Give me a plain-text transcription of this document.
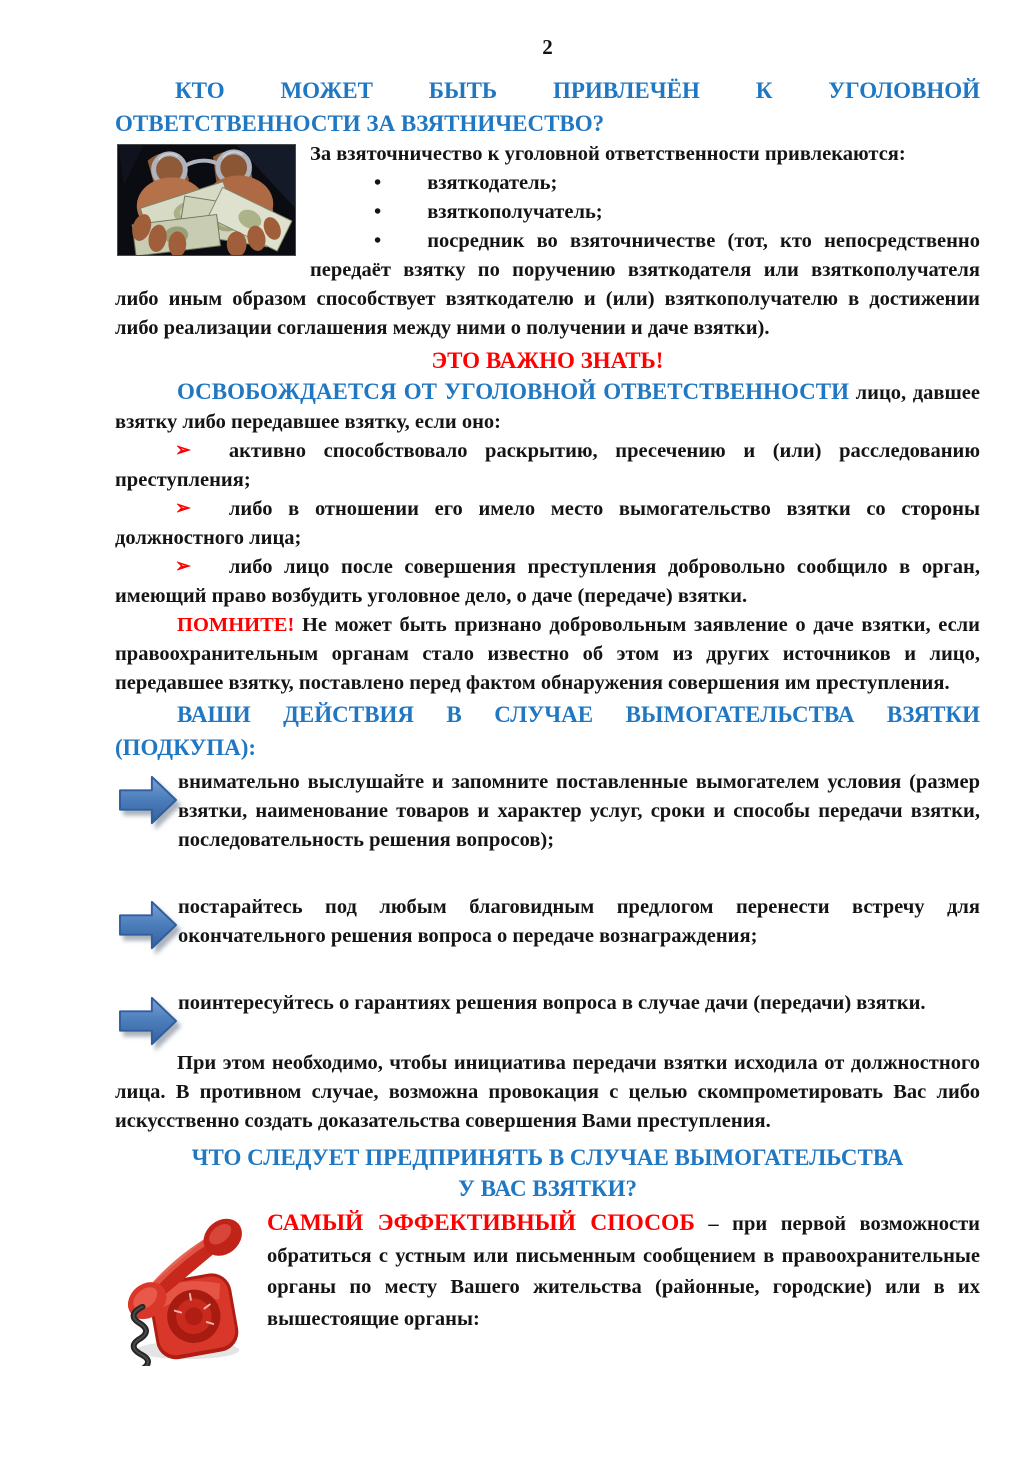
2
КТО МОЖЕТ БЫТЬ ПРИВЛЕЧЁН К УГОЛОВНОЙ
ОТВЕТСТВЕННОСТИ ЗА ВЗЯТНИЧЕСТВО?

За взяточничество к уголовной ответственности привлекаются:

• взяткодатель;

• взяткополучатель;

• посредник во взяточничестве (тот, кто непосредственно передаёт взятку по поручению взяткодателя или взяткополучателя либо иным образом способствует взяткодателю и (или) взяткополучателю в достижении либо реализации соглашения между ними о получении и даче взятки).

ЭТО ВАЖНО ЗНАТЬ!

ОСВОБОЖДАЕТСЯ ОТ УГОЛОВНОЙ ОТВЕТСТВЕННОСТИ лицо, давшее взятку либо передавшее взятку, если оно:

➢ активно способствовало раскрытию, пресечению и (или) расследованию преступления;

➢ либо в отношении его имело место вымогательство взятки со стороны должностного лица;

➢ либо лицо после совершения преступления добровольно сообщило в орган, имеющий право возбудить уголовное дело, о даче (передаче) взятки.

ПОМНИТЕ! Не может быть признано добровольным заявление о даче взятки, если правоохранительным органам стало известно об этом из других источников и лицо, передавшее взятку, поставлено перед фактом обнаружения совершения им преступления.

ВАШИ ДЕЙСТВИЯ В СЛУЧАЕ ВЫМОГАТЕЛЬСТВА ВЗЯТКИ
(ПОДКУПА):
внимательно выслушайте и запомните поставленные вымогателем условия (размер взятки, наименование товаров и характер услуг, сроки и способы передачи взятки, последовательность решения вопросов);
постарайтесь под любым благовидным предлогом перенести встречу для окончательного решения вопроса о передаче вознаграждения;
поинтересуйтесь о гарантиях решения вопроса в случае дачи (передачи) взятки.

При этом необходимо, чтобы инициатива передачи взятки исходила от должностного лица. В противном случае, возможна провокация с целью скомпрометировать Вас либо искусственно создать доказательства совершения Вами преступления.

ЧТО СЛЕДУЕТ ПРЕДПРИНЯТЬ В СЛУЧАЕ ВЫМОГАТЕЛЬСТВА
У ВАС ВЗЯТКИ?

САМЫЙ ЭФФЕКТИВНЫЙ СПОСОБ – при первой возможности обратиться с устным или письменным сообщением в правоохранительные органы по месту Вашего жительства (районные, городские) или в их вышестоящие органы:
